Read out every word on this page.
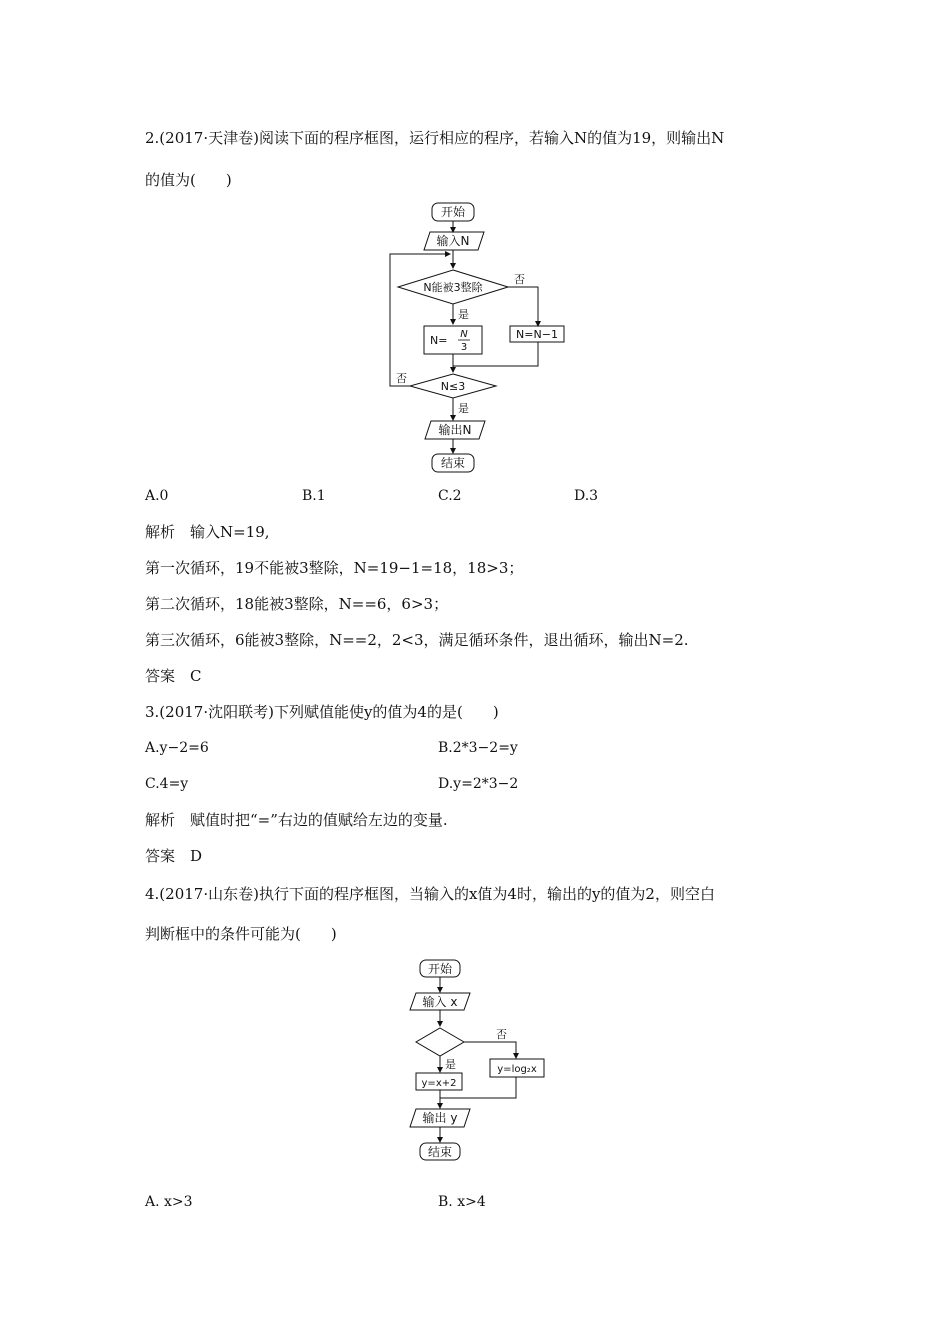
2.(2017·天津卷)阅读下面的程序框图，运行相应的程序，若输入N的值为19，则输出N
的值为(　　)
开始
输入N
N能被3整除
否
是
N= N
3
N=N−1
N≤3
否
是
输出N
结束
A.0	B.1	C.2	D.3
解析　输入N=19,
第一次循环，19不能被3整除，N=19−1=18，18>3；
第二次循环，18能被3整除，N==6，6>3；
第三次循环，6能被3整除，N==2，2<3，满足循环条件，退出循环，输出N=2.
答案　C
3.(2017·沈阳联考)下列赋值能使y的值为4的是(　　)
A.y−2=6	B.2*3−2=y
C.4=y	D.y=2*3−2
解析　赋值时把“=”右边的值赋给左边的变量.
答案　D
4.(2017·山东卷)执行下面的程序框图，当输入的x值为4时，输出的y的值为2，则空白
判断框中的条件可能为(　　)
开始
输入 x
否
是
y=x+2
y=log₂x
输出 y
结束
A. x>3	B. x>4
